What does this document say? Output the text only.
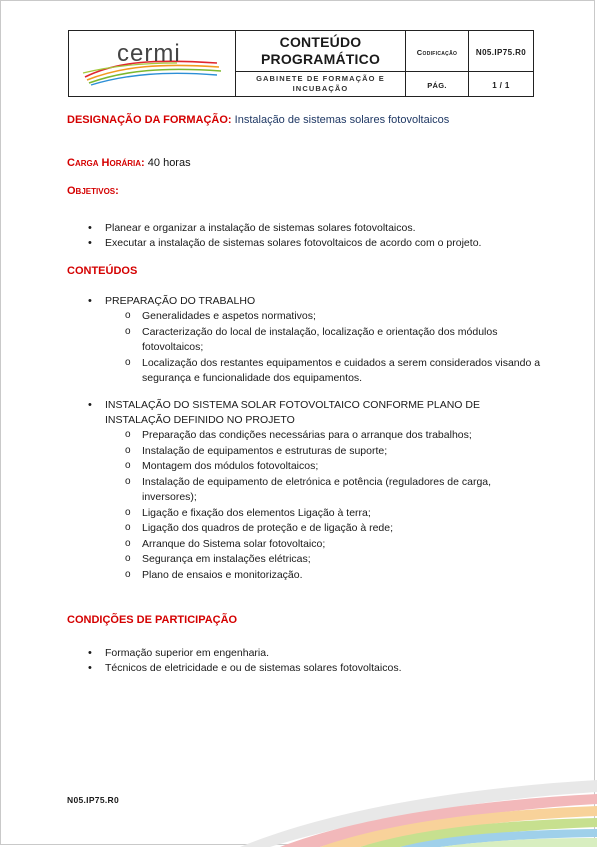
cermi	CONTEÚDO PROGRAMÁTICO	Codificação	N05.IP75.R0

	GABINETE DE FORMAÇÃO E INCUBAÇÃO	PÁG.	1 / 1
DESIGNAÇÃO DA FORMAÇÃO: Instalação de sistemas solares fotovoltaicos
Carga Horária: 40 horas
Objetivos:
• Planear e organizar a instalação de sistemas solares fotovoltaicos.
• Executar a instalação de sistemas solares fotovoltaicos de acordo com o projeto.
CONTEÚDOS
• PREPARAÇÃO DO TRABALHO
o Generalidades e aspetos normativos;
o Caracterização do local de instalação, localização e orientação dos módulos fotovoltaicos;
o Localização dos restantes equipamentos e cuidados a serem considerados visando a segurança e funcionalidade dos equipamentos.
• INSTALAÇÃO DO SISTEMA SOLAR FOTOVOLTAICO CONFORME PLANO DE INSTALAÇÃO DEFINIDO NO PROJETO
o Preparação das condições necessárias para o arranque dos trabalhos;
o Instalação de equipamentos e estruturas de suporte;
o Montagem dos módulos fotovoltaicos;
o Instalação de equipamento de eletrónica e potência (reguladores de carga, inversores);
o Ligação e fixação dos elementos Ligação à terra;
o Ligação dos quadros de proteção e de ligação à rede;
o Arranque do Sistema solar fotovoltaico;
o Segurança em instalações elétricas;
o Plano de ensaios e monitorização.
CONDIÇÕES DE PARTICIPAÇÃO
• Formação superior em engenharia.
• Técnicos de eletricidade e ou de sistemas solares fotovoltaicos.
N05.IP75.R0
